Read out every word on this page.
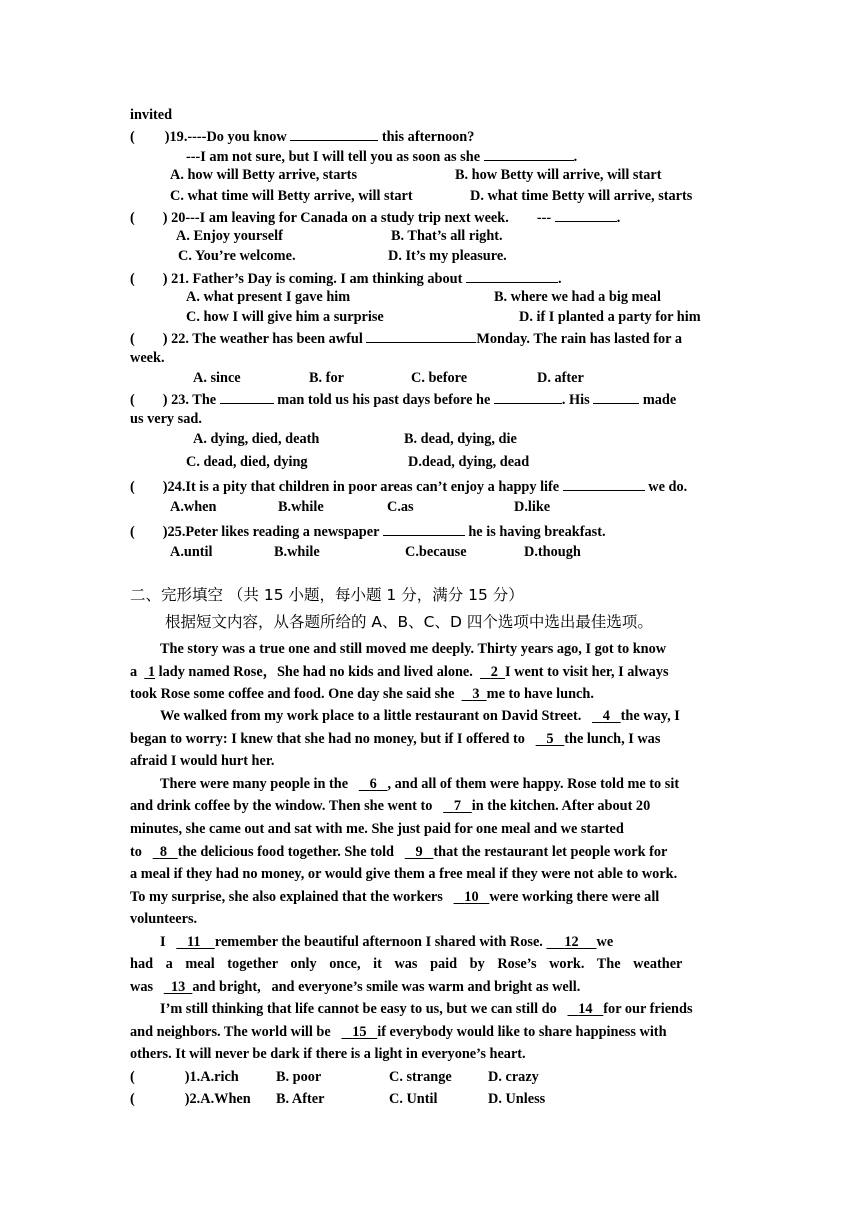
invited
( )19.----Do you know	this afternoon?
---I am not sure, but I will tell you as soon as she	.
A. how will Betty arrive, starts	B. how Betty will arrive, will start
C. what time will Betty arrive, will start	D. what time Betty will arrive, starts
( ) 20---I am leaving for Canada on a study trip next week. ---	.
A. Enjoy yourself	B. That’s all right.
C. You’re welcome.	D. It’s my pleasure.
( ) 21. Father’s Day is coming. I am thinking about	.
A. what present I gave him	B. where we had a big meal
C. how I will give him a surprise	D. if I planted a party for him
( ) 22. The weather has been awful	Monday. The rain has lasted for a
week.
A. since	B. for	C. before	D. after
( ) 23. The	man told us his past days before he	. His	made
us very sad.
A. dying, died, death	B. dead, dying, die
C. dead, died, dying	D.dead, dying, dead
( )24.It is a pity that children in poor areas can’t enjoy a happy life	we do.
A.when	B.while	C.as	D.like
( )25.Peter likes reading a newspaper	he is having breakfast.
A.until	B.while	C.because	D.though
二、完形填空 （共 15 小题，每小题 1 分，满分 15 分）
根据短文内容，从各题所给的 A、B、C、D 四个选项中选出最佳选项。
The story was a true one and still moved me deeply. Thirty years ago, I got to know
a 1 lady named Rose，She had no kids and lived alone. 2 I went to visit her, I always
took Rose some coffee and food. One day she said she 3 me to have lunch.
We walked from my work place to a little restaurant on David Street. 4 the way, I
began to worry: I knew that she had no money, but if I offered to 5 the lunch, I was
afraid I would hurt her.
There were many people in the 6 , and all of them were happy. Rose told me to sit
and drink coffee by the window. Then she went to 7 in the kitchen. After about 20
minutes, she came out and sat with me. She just paid for one meal and we started
to 8 the delicious food together. She told 9 that the restaurant let people work for
a meal if they had no money, or would give them a free meal if they were not able to work.
To my surprise, she also explained that the workers 10 were working there were all
volunteers.
I 11 remember the beautiful afternoon I shared with Rose. 12 we
had a meal together only once, it was paid by Rose’s work. The weather
was 13 and bright,   and everyone’s smile was warm and bright as well.
I’m still thinking that life cannot be easy to us, but we can still do 14 for our friends
and neighbors. The world will be 15 if everybody would like to share happiness with
others. It will never be dark if there is a light in everyone’s heart.
(	)1.A.rich	B. poor	C. strange	D. crazy
(	)2.A.When B. After	C. Until	D. Unless
